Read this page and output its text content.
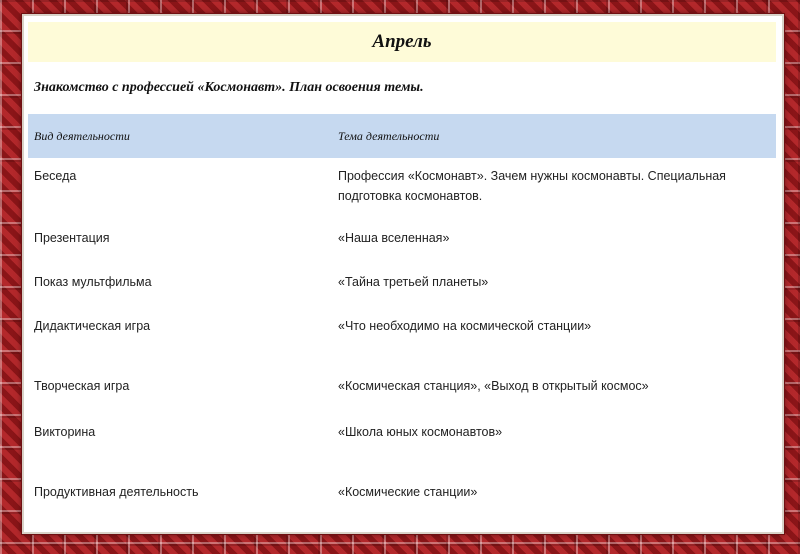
Апрель
Знакомство с профессией «Космонавт». План освоения темы.
Вид деятельности	Тема деятельности
Беседа	Профессия «Космонавт». Зачем нужны космонавты. Специальная подготовка космонавтов.
Презентация	«Наша вселенная»
Показ мультфильма	«Тайна третьей планеты»
Дидактическая игра	«Что необходимо на космической станции»
Творческая игра	«Космическая станция», «Выход в открытый космос»
Викторина	«Школа юных космонавтов»
Продуктивная деятельность	«Космические станции»
